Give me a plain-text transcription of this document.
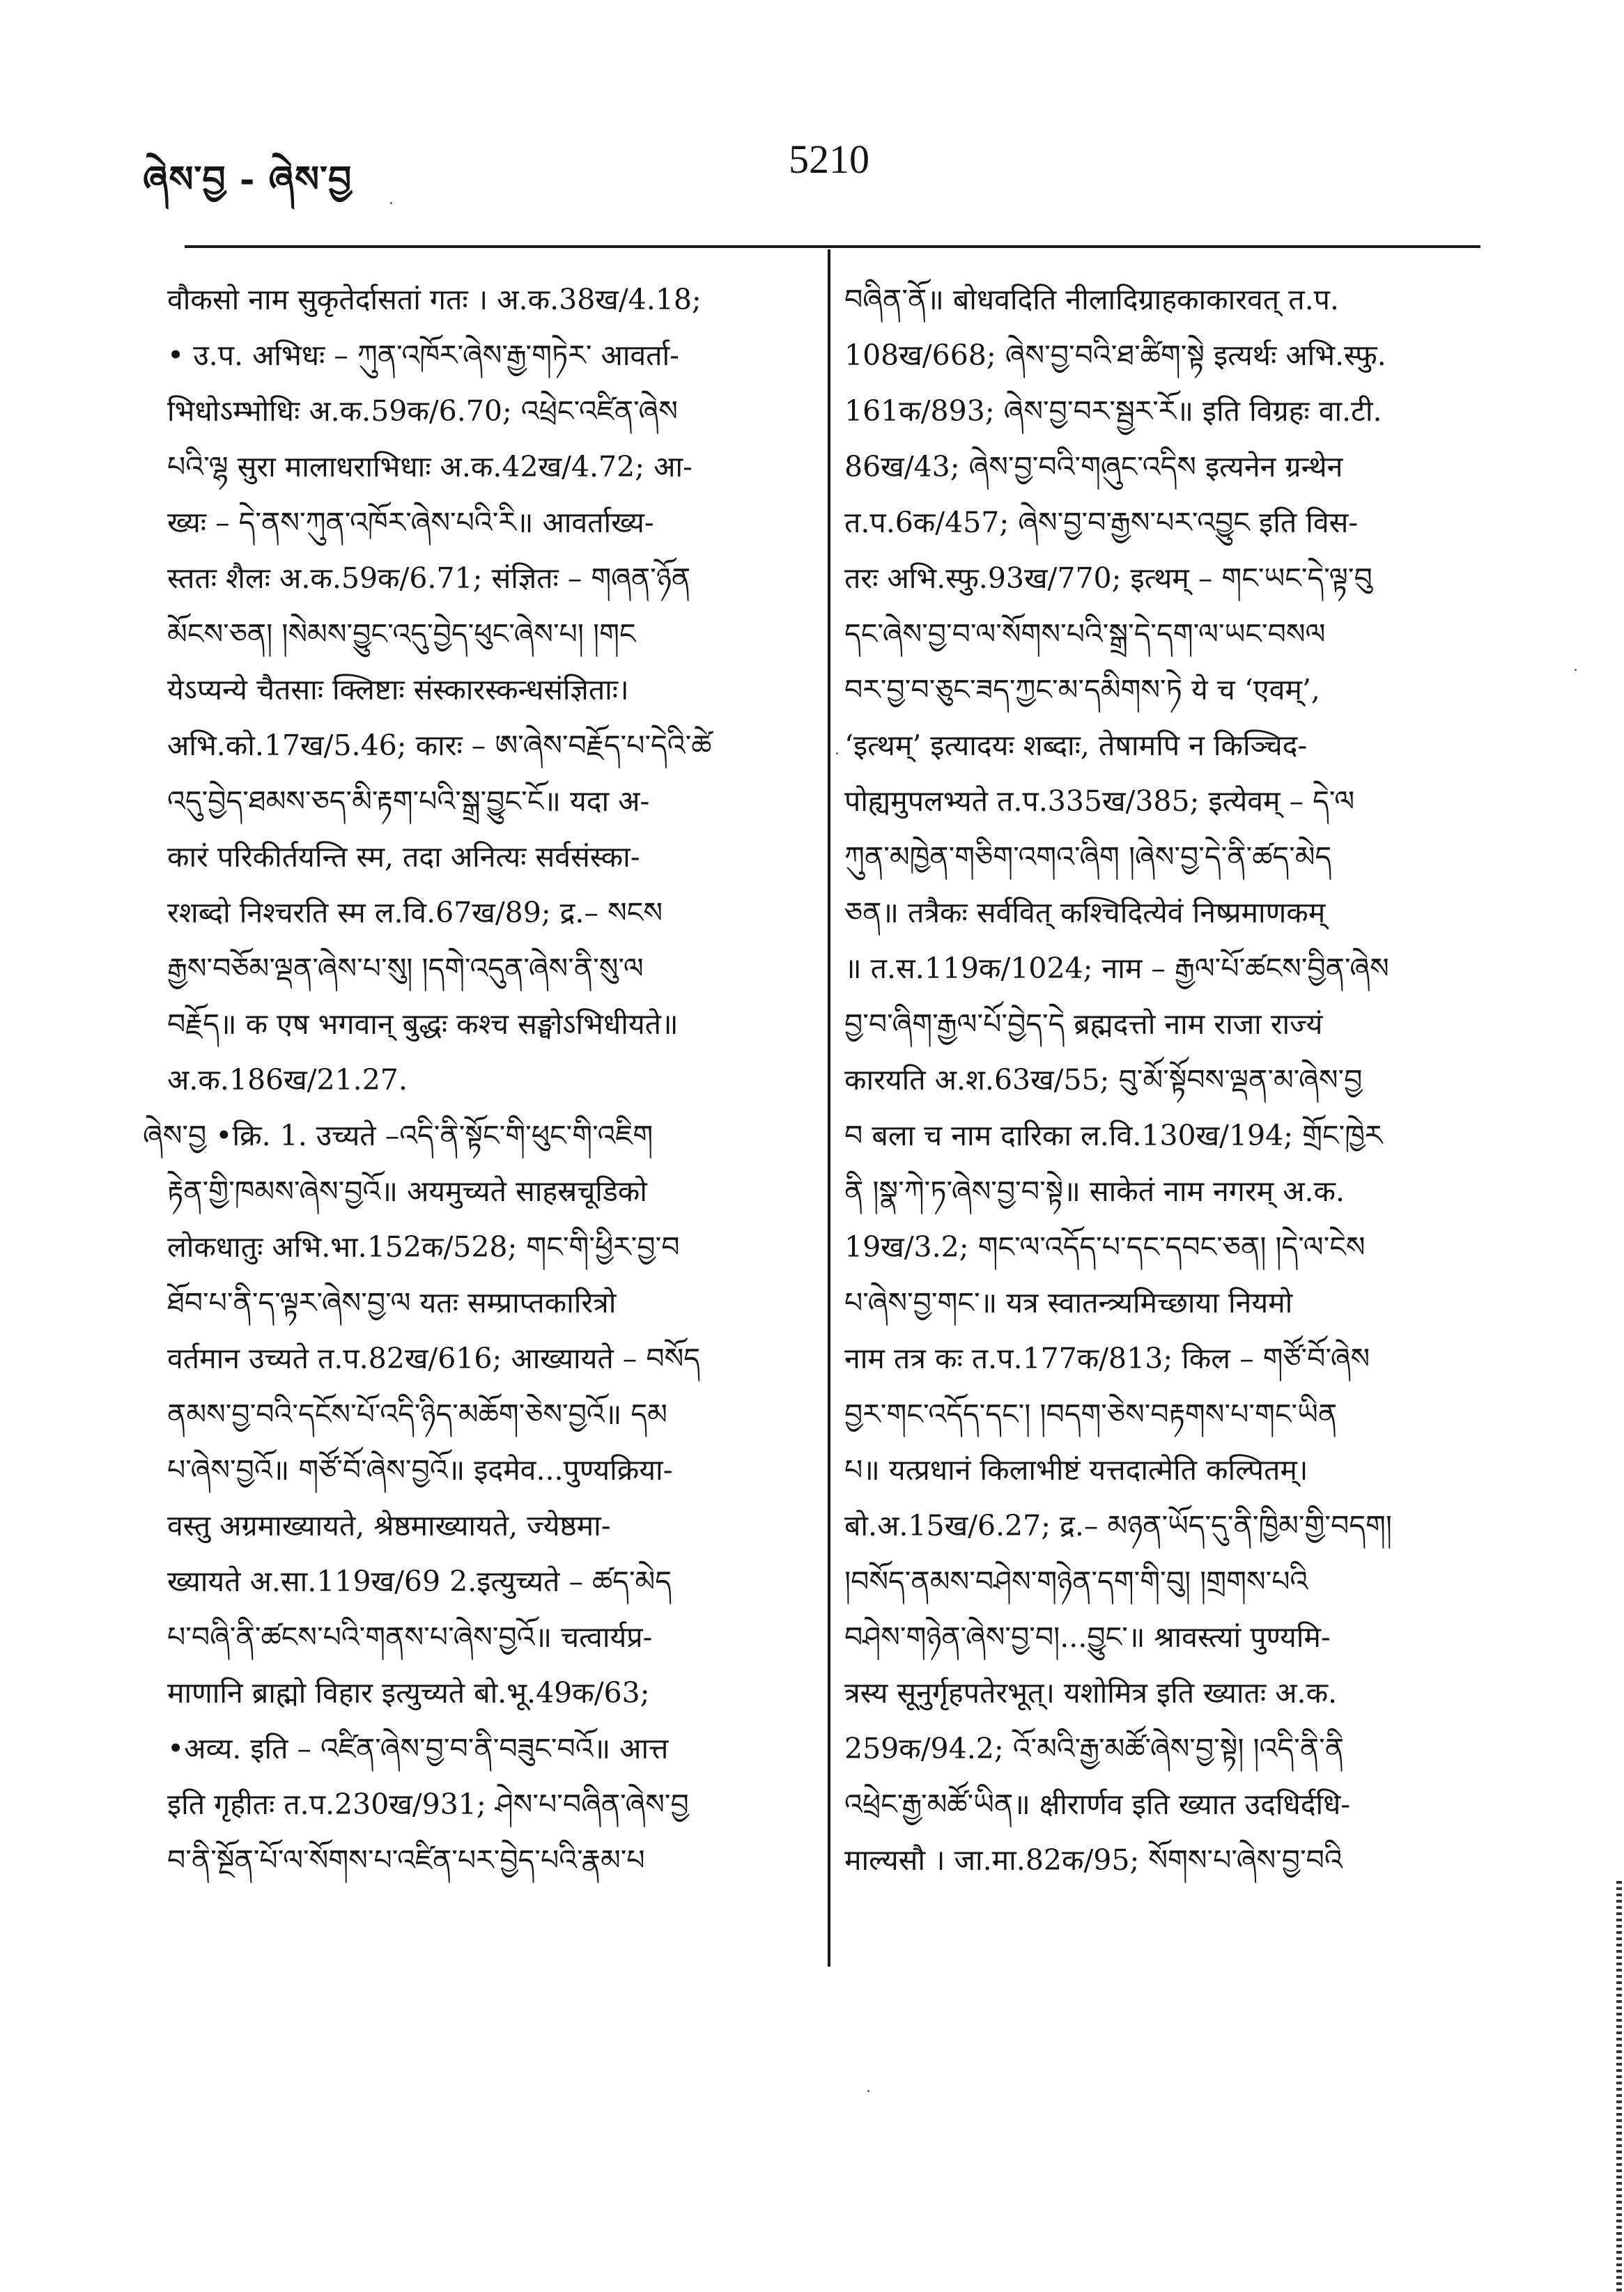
ཞེས་བྱ - ཞེས་བྱ	5210
वौकसो नाम सुकृतेर्दासतां गतः । अ.क.38ख/4.18;
• उ.प. अभिधः – ཀུན་འཁོར་ཞེས་རྒྱ་གཏེར་ आवर्ता-
भिधोऽम्भोधिः अ.क.59क/6.70; འཕྲེང་འཛིན་ཞེས
པའི་ལྷ सुरा मालाधराभिधाः अ.क.42ख/4.72; आ-
ख्यः – དེ་ནས་ཀུན་འཁོར་ཞེས་པའི་རི॥ आवर्ताख्य-
स्ततः शैलः अ.क.59क/6.71; संज्ञितः – གཞན་ཉོན
མོངས་ཅན། །སེམས་བྱུང་འདུ་བྱེད་ཕུང་ཞེས་པ། །གང
येऽप्यन्ये चैतसाः क्लिष्टाः संस्कारस्कन्धसंज्ञिताः।
अभि.को.17ख/5.46; कारः – ཨ་ཞེས་བརྗོད་པ་དེའི་ཚེ
འདུ་བྱེད་ཐམས་ཅད་མི་རྟག་པའི་སྒྲ་བྱུང་ངོ॥ यदा अ-
कारं परिकीर्तयन्ति स्म, तदा अनित्यः सर्वसंस्का-
रशब्दो निश्चरति स्म ल.वि.67ख/89; द्र.– སངས
རྒྱས་བཅོམ་ལྡན་ཞེས་པ་སུ། །དགེ་འདུན་ཞེས་ནི་སུ་ལ
བརྗོད॥ क एष भगवान् बुद्धः कश्च सङ्घोऽभिधीयते॥
अ.क.186ख/21.27.
ཞེས་བྱ •क्रि. 1. उच्यते –འདི་ནི་སྟོང་གི་ཕུང་གི་འཇིག
རྟེན་གྱི་ཁམས་ཞེས་བྱའོ॥ अयमुच्यते साहस्रचूडिको
लोकधातुः अभि.भा.152क/528; གང་གི་ཕྱིར་བྱ་བ
ཐོབ་པ་ནི་ད་ལྟར་ཞེས་བྱ་ལ यतः सम्प्राप्तकारित्रो
वर्तमान उच्यते त.प.82ख/616; आख्यायते – བསོད
ནམས་བྱ་བའི་དངོས་པོ་འདི་ཉིད་མཆོག་ཅེས་བྱའོ॥ དམ
པ་ཞེས་བྱའོ॥ གཙོ་བོ་ཞེས་བྱའོ॥ इदमेव...पुण्यक्रिया-
वस्तु अग्रमाख्यायते, श्रेष्ठमाख्यायते, ज्येष्ठमा-
ख्यायते अ.सा.119ख/69 2.इत्युच्यते – ཚད་མེད
པ་བཞི་ནི་ཚངས་པའི་གནས་པ་ཞེས་བྱའོ॥ चत्वार्यप्र-
माणानि ब्राह्मो विहार इत्युच्यते बो.भू.49क/63;
•अव्य. इति – འཛིན་ཞེས་བྱ་བ་ནི་བཟུང་བའོ॥ आत्त
इति गृहीतः त.प.230ख/931; ཤེས་པ་བཞིན་ཞེས་བྱ
བ་ནི་སྔོན་པོ་ལ་སོགས་པ་འཛིན་པར་བྱེད་པའི་རྣམ་པ
བཞིན་ནོ॥ बोधवदिति नीलादिग्राहकाकारवत् त.प.
108ख/668; ཞེས་བྱ་བའི་ཐ་ཚིག་སྟེ इत्यर्थः अभि.स्फु.
161क/893; ཞེས་བྱ་བར་སྦྱར་རོ॥ इति विग्रहः वा.टी.
86ख/43; ཞེས་བྱ་བའི་གཞུང་འདིས इत्यनेन ग्रन्थेन
त.प.6क/457; ཞེས་བྱ་བ་རྒྱས་པར་འབྱུང इति विस-
तरः अभि.स्फु.93ख/770; इत्थम् – གང་ཡང་དེ་ལྟ་བུ
དང་ཞེས་བྱ་བ་ལ་སོགས་པའི་སྒྲ་དེ་དག་ལ་ཡང་བསལ
བར་བྱ་བ་ཅུང་ཟད་ཀྱང་མ་དམིགས་ཏེ ये च ‘एवम्’,
‘इत्थम्’ इत्यादयः शब्दाः, तेषामपि न किञ्चिद-
पोह्यमुपलभ्यते त.प.335ख/385; इत्येवम् – དེ་ལ
ཀུན་མཁྱེན་གཅིག་འགའ་ཞིག །ཞེས་བྱ་དེ་ནི་ཚད་མེད
ཅན॥ तत्रैकः सर्ववित् कश्चिदित्येवं निष्प्रमाणकम्
॥ त.स.119क/1024; नाम – རྒྱལ་པོ་ཚངས་བྱིན་ཞེས
བྱ་བ་ཞིག་རྒྱལ་པོ་བྱེད་དེ ब्रह्मदत्तो नाम राजा राज्यं
कारयति अ.श.63ख/55; བུ་མོ་སྟོབས་ལྡན་མ་ཞེས་བྱ
བ बला च नाम दारिका ल.वि.130ख/194; གྲོང་ཁྱེར
ནི །སྣ་ཀེ་ཏ་ཞེས་བྱ་བ་སྟེ॥ साकेतं नाम नगरम् अ.क.
19ख/3.2; གང་ལ་འདོད་པ་དང་དབང་ཅན། །དེ་ལ་ངེས
པ་ཞེས་བྱ་གང་॥ यत्र स्वातन्त्र्यमिच्छाया नियमो
नाम तत्र कः त.प.177क/813; किल – གཙོ་བོ་ཞེས
བྱར་གང་འདོད་དང་། །བདག་ཅེས་བརྟགས་པ་གང་ཡིན
པ॥ यत्प्रधानं किलाभीष्टं यत्तदात्मेति कल्पितम्।
बो.अ.15ख/6.27; द्र.– མཉན་ཡོད་དུ་ནི་ཁྱིམ་གྱི་བདག།
།བསོད་ནམས་བཤེས་གཉེན་དག་གི་བུ། །གྲགས་པའི
བཤེས་གཉེན་ཞེས་བྱ་བ།...བྱུང་॥ श्रावस्त्यां पुण्यमि-
त्रस्य सूनुर्गृहपतेरभूत्। यशोमित्र इति ख्यातः अ.क.
259क/94.2; འོ་མའི་རྒྱ་མཚོ་ཞེས་བྱ་སྟེ། །འདི་ནི་ནི
འཕྲེང་རྒྱ་མཚོ་ཡིན॥ क्षीरार्णव इति ख्यात उदधिर्दधि-
माल्यसौ । जा.मा.82क/95; སོགས་པ་ཞེས་བྱ་བའི
